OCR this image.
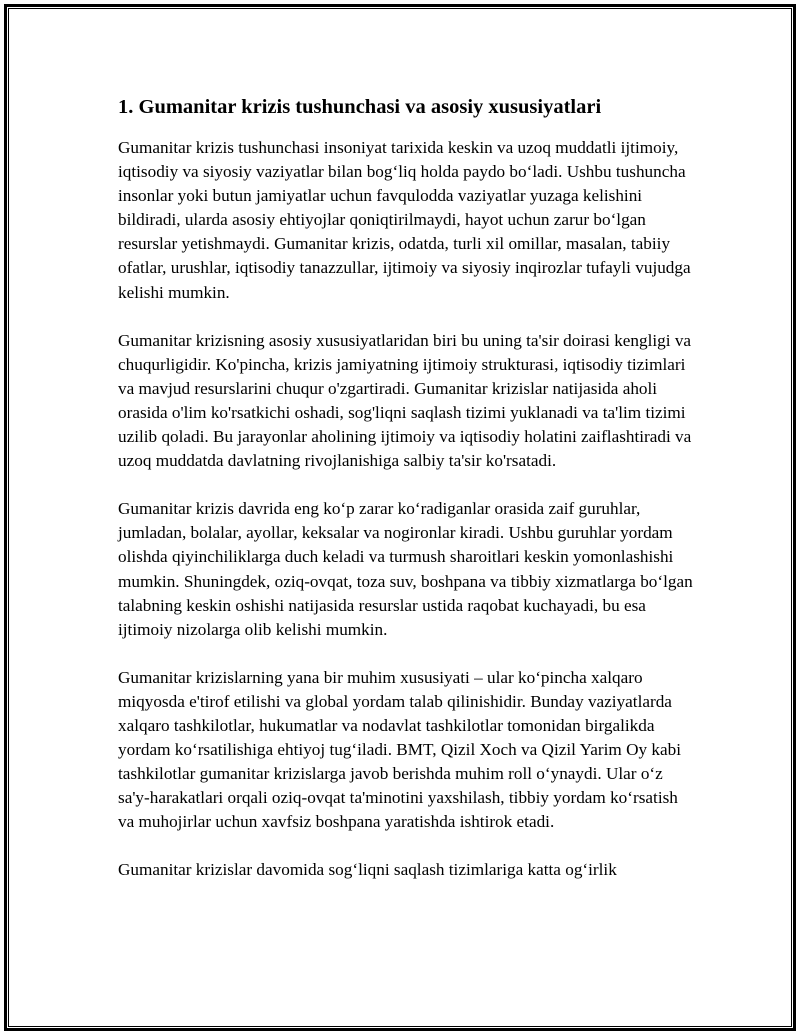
1. Gumanitar krizis tushunchasi va asosiy xususiyatlari

Gumanitar krizis tushunchasi insoniyat tarixida keskin va uzoq muddatli ijtimoiy, iqtisodiy va siyosiy vaziyatlar bilan bog‘liq holda paydo bo‘ladi. Ushbu tushuncha insonlar yoki butun jamiyatlar uchun favqulodda vaziyatlar yuzaga kelishini bildiradi, ularda asosiy ehtiyojlar qoniqtirilmaydi, hayot uchun zarur bo‘lgan resurslar yetishmaydi. Gumanitar krizis, odatda, turli xil omillar, masalan, tabiiy ofatlar, urushlar, iqtisodiy tanazzullar, ijtimoiy va siyosiy inqirozlar tufayli vujudga kelishi mumkin.

Gumanitar krizisning asosiy xususiyatlaridan biri bu uning ta'sir doirasi kengligi va chuqurligidir. Ko'pincha, krizis jamiyatning ijtimoiy strukturasi, iqtisodiy tizimlari va mavjud resurslarini chuqur o'zgartiradi. Gumanitar krizislar natijasida aholi orasida o'lim ko'rsatkichi oshadi, sog'liqni saqlash tizimi yuklanadi va ta'lim tizimi uzilib qoladi. Bu jarayonlar aholining ijtimoiy va iqtisodiy holatini zaiflashtiradi va uzoq muddatda davlatning rivojlanishiga salbiy ta'sir ko'rsatadi.

Gumanitar krizis davrida eng ko‘p zarar ko‘radiganlar orasida zaif guruhlar, jumladan, bolalar, ayollar, keksalar va nogironlar kiradi. Ushbu guruhlar yordam olishda qiyinchiliklarga duch keladi va turmush sharoitlari keskin yomonlashishi mumkin. Shuningdek, oziq-ovqat, toza suv, boshpana va tibbiy xizmatlarga bo‘lgan talabning keskin oshishi natijasida resurslar ustida raqobat kuchayadi, bu esa ijtimoiy nizolarga olib kelishi mumkin.

Gumanitar krizislarning yana bir muhim xususiyati – ular ko‘pincha xalqaro miqyosda e'tirof etilishi va global yordam talab qilinishidir. Bunday vaziyatlarda xalqaro tashkilotlar, hukumatlar va nodavlat tashkilotlar tomonidan birgalikda yordam ko‘rsatilishiga ehtiyoj tug‘iladi. BMT, Qizil Xoch va Qizil Yarim Oy kabi tashkilotlar gumanitar krizislarga javob berishda muhim roll o‘ynaydi. Ular o‘z sa'y-harakatlari orqali oziq-ovqat ta'minotini yaxshilash, tibbiy yordam ko‘rsatish va muhojirlar uchun xavfsiz boshpana yaratishda ishtirok etadi.

Gumanitar krizislar davomida sog‘liqni saqlash tizimlariga katta og‘irlik
